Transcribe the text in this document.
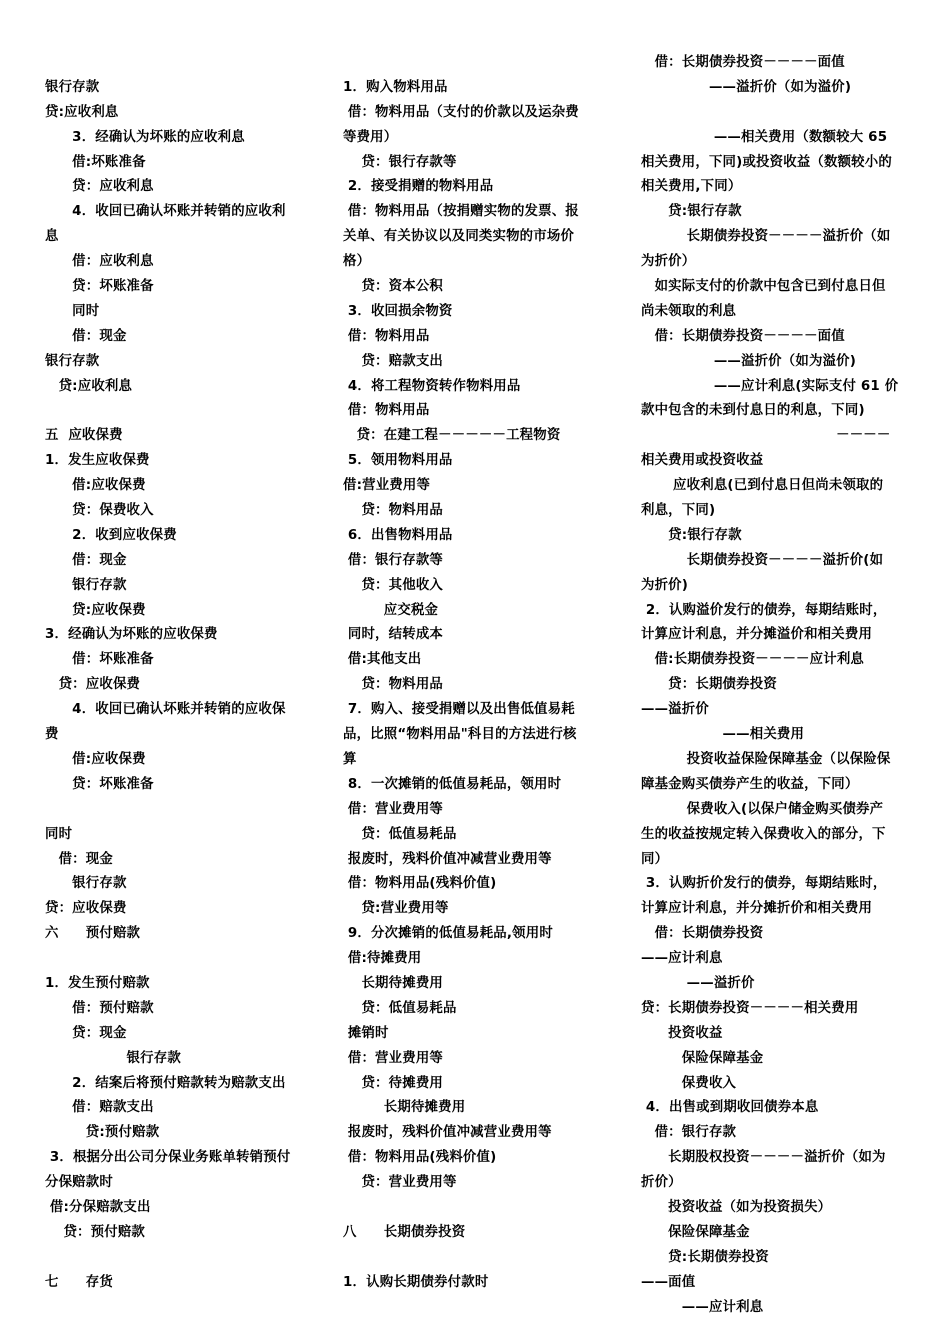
银行存款
贷:应收利息
　　3．经确认为坏账的应收利息
　　借:坏账准备
　　贷：应收利息
　　4．收回已确认坏账并转销的应收利
息
　　借：应收利息
　　贷：坏账准备
　　同时
　　借：现金
银行存款
　贷:应收利息
五  应收保费
1．发生应收保费
　　借:应收保费
　　贷：保费收入
　　2．收到应收保费
　　借：现金
　　银行存款
　　贷:应收保费
3．经确认为坏账的应收保费
　　借：坏账准备
　贷：应收保费
　　4．收回已确认坏账并转销的应收保
费
　　借:应收保费
　　贷：坏账准备
同时
　借：现金
　　银行存款
贷：应收保费
六　　预付赔款
1．发生预付赔款
　　借：预付赔款
　　贷：现金
　　　　　　银行存款
　　2．结案后将预付赔款转为赔款支出
　　借：赔款支出
　　　贷:预付赔款
3．根据分出公司分保业务账单转销预付
分保赔款时
借:分保赔款支出
　 贷：预付赔款
七　　存货
1．购入物料用品
借：物料用品（支付的价款以及运杂费
等费用）
　 贷：银行存款等
2．接受捐赠的物料用品
借：物料用品（按捐赠实物的发票、报
关单、有关协议以及同类实物的市场价
格）
　 贷：资本公积
3．收回损余物资
借：物料用品
　 贷：赔款支出
4．将工程物资转作物料用品
借：物料用品
　贷：在建工程－－－－－工程物资
5．领用物料用品
借:营业费用等
　 贷：物料用品
6．出售物料用品
借：银行存款等
　 贷：其他收入
　　　应交税金
同时，结转成本
借:其他支出
　 贷：物料用品
7．购入、接受捐赠以及出售低值易耗
品，比照“物料用品"科目的方法进行核
算
8．一次摊销的低值易耗品，领用时
借：营业费用等
　 贷：低值易耗品
报废时，残料价值冲减营业费用等
借：物料用品(残料价值)
　 贷:营业费用等
9．分次摊销的低值易耗品,领用时
借:待摊费用
　 长期待摊费用
　 贷：低值易耗品
摊销时
借：营业费用等
　 贷：待摊费用
　　　长期待摊费用
报废时，残料价值冲减营业费用等
借：物料用品(残料价值)
　 贷：营业费用等
八　　长期债券投资
1．认购长期债券付款时
　借：长期债券投资－－－－面值
　　　　　——溢折价（如为溢价)
　　　　　 ——相关费用（数额较大 65
相关费用，下同)或投资收益（数额较小的
相关费用,下同）
　　贷:银行存款
　　　 长期债券投资－－－－溢折价（如
为折价）
　如实际支付的价款中包含已到付息日但
尚未领取的利息
　借：长期债券投资－－－－面值
　　　　　 ——溢折价（如为溢价)
　　　　　 ——应计利息(实际支付 61 价
款中包含的未到付息日的利息，下同)
　　　　　　　　　　　　　　 －－－－
相关费用或投资收益
　　 应收利息(已到付息日但尚未领取的
利息，下同)
　　贷:银行存款
　　　 长期债券投资－－－－溢折价(如
为折价)
2．认购溢价发行的债券，每期结账时，
计算应计利息，并分摊溢价和相关费用
　借:长期债券投资－－－－应计利息
　　贷：长期债券投资
——溢折价
　　　　　　——相关费用
　　　 投资收益保险保障基金（以保险保
障基金购买债券产生的收益，下同）
　　　 保费收入(以保户储金购买债券产
生的收益按规定转入保费收入的部分，下
同）
3．认购折价发行的债券，每期结账时，
计算应计利息，并分摊折价和相关费用
　借：长期债券投资
——应计利息
　　　 ——溢折价
贷：长期债券投资－－－－相关费用
　　投资收益
　　　保险保障基金
　　　保费收入
4．出售或到期收回债券本息
　借：银行存款
　　长期股权投资－－－－溢折价（如为
折价）
　　投资收益（如为投资损失）
　　保险保障基金
　　贷:长期债券投资
——面值
　　　——应计利息
